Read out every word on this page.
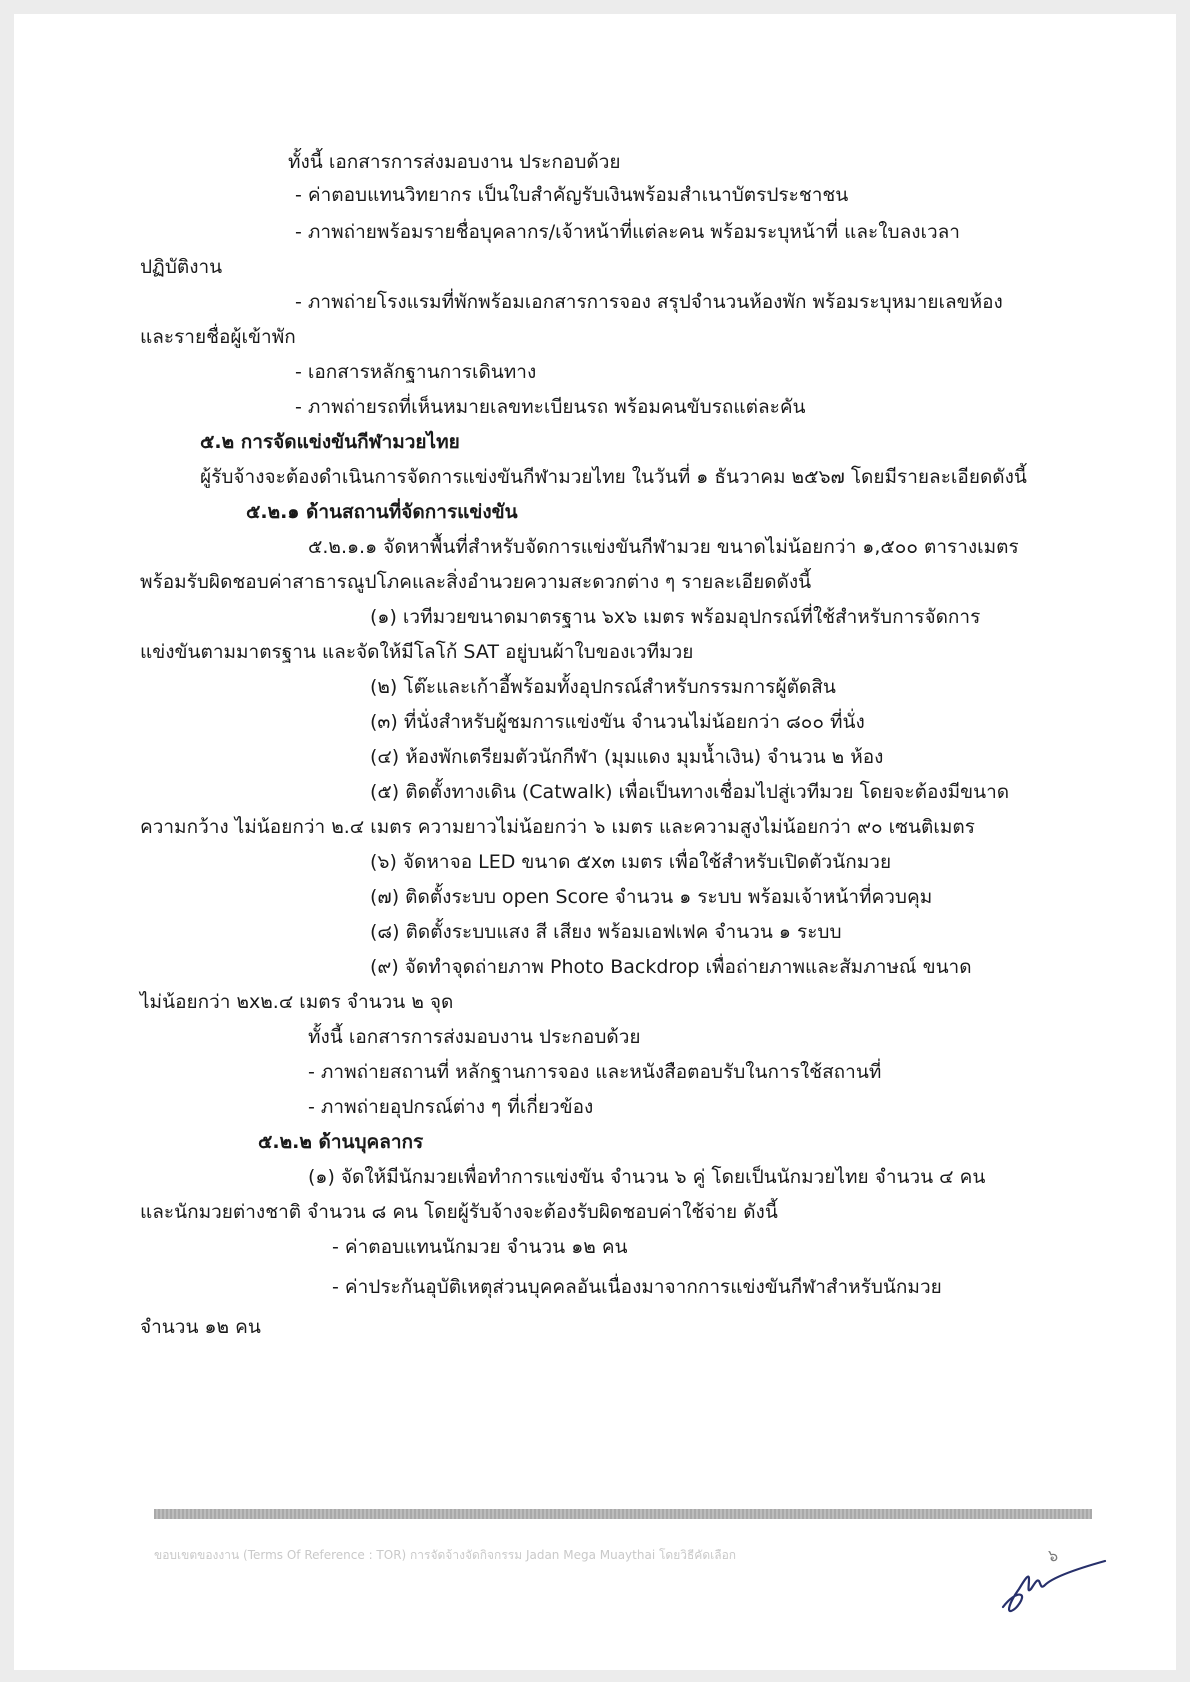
ทั้งนี้ เอกสารการส่งมอบงาน ประกอบด้วย
- ค่าตอบแทนวิทยากร เป็นใบสำคัญรับเงินพร้อมสำเนาบัตรประชาชน
- ภาพถ่ายพร้อมรายชื่อบุคลากร/เจ้าหน้าที่แต่ละคน พร้อมระบุหน้าที่ และใบลงเวลา
ปฏิบัติงาน
- ภาพถ่ายโรงแรมที่พักพร้อมเอกสารการจอง สรุปจำนวนห้องพัก พร้อมระบุหมายเลขห้อง
และรายชื่อผู้เข้าพัก
- เอกสารหลักฐานการเดินทาง
- ภาพถ่ายรถที่เห็นหมายเลขทะเบียนรถ พร้อมคนขับรถแต่ละคัน
๕.๒ การจัดแข่งขันกีฬามวยไทย
ผู้รับจ้างจะต้องดำเนินการจัดการแข่งขันกีฬามวยไทย ในวันที่ ๑ ธันวาคม ๒๕๖๗ โดยมีรายละเอียดดังนี้
๕.๒.๑ ด้านสถานที่จัดการแข่งขัน
๕.๒.๑.๑ จัดหาพื้นที่สำหรับจัดการแข่งขันกีฬามวย ขนาดไม่น้อยกว่า ๑,๕๐๐ ตารางเมตร
พร้อมรับผิดชอบค่าสาธารณูปโภคและสิ่งอำนวยความสะดวกต่าง ๆ รายละเอียดดังนี้
(๑) เวทีมวยขนาดมาตรฐาน ๖x๖ เมตร พร้อมอุปกรณ์ที่ใช้สำหรับการจัดการ
แข่งขันตามมาตรฐาน และจัดให้มีโลโก้ SAT อยู่บนผ้าใบของเวทีมวย
(๒) โต๊ะและเก้าอี้พร้อมทั้งอุปกรณ์สำหรับกรรมการผู้ตัดสิน
(๓) ที่นั่งสำหรับผู้ชมการแข่งขัน จำนวนไม่น้อยกว่า ๘๐๐ ที่นั่ง
(๔) ห้องพักเตรียมตัวนักกีฬา (มุมแดง มุมน้ำเงิน) จำนวน ๒ ห้อง
(๕) ติดตั้งทางเดิน (Catwalk) เพื่อเป็นทางเชื่อมไปสู่เวทีมวย โดยจะต้องมีขนาด
ความกว้าง ไม่น้อยกว่า ๒.๔ เมตร ความยาวไม่น้อยกว่า ๖ เมตร และความสูงไม่น้อยกว่า ๙๐ เซนติเมตร
(๖) จัดหาจอ LED ขนาด ๕x๓ เมตร เพื่อใช้สำหรับเปิดตัวนักมวย
(๗) ติดตั้งระบบ open Score จำนวน ๑ ระบบ พร้อมเจ้าหน้าที่ควบคุม
(๘) ติดตั้งระบบแสง สี เสียง พร้อมเอฟเฟค จำนวน ๑ ระบบ
(๙) จัดทำจุดถ่ายภาพ Photo Backdrop เพื่อถ่ายภาพและสัมภาษณ์ ขนาด
ไม่น้อยกว่า ๒x๒.๔ เมตร จำนวน ๒ จุด
ทั้งนี้ เอกสารการส่งมอบงาน ประกอบด้วย
- ภาพถ่ายสถานที่ หลักฐานการจอง และหนังสือตอบรับในการใช้สถานที่
- ภาพถ่ายอุปกรณ์ต่าง ๆ ที่เกี่ยวข้อง
๕.๒.๒ ด้านบุคลากร
(๑) จัดให้มีนักมวยเพื่อทำการแข่งขัน จำนวน ๖ คู่ โดยเป็นนักมวยไทย จำนวน ๔ คน
และนักมวยต่างชาติ จำนวน ๘ คน โดยผู้รับจ้างจะต้องรับผิดชอบค่าใช้จ่าย ดังนี้
- ค่าตอบแทนนักมวย จำนวน ๑๒ คน
- ค่าประกันอุบัติเหตุส่วนบุคคลอันเนื่องมาจากการแข่งขันกีฬาสำหรับนักมวย
จำนวน ๑๒ คน
ขอบเขตของงาน (Terms Of Reference : TOR) การจัดจ้างจัดกิจกรรม Jadan Mega Muaythai โดยวิธีคัดเลือก	๖
